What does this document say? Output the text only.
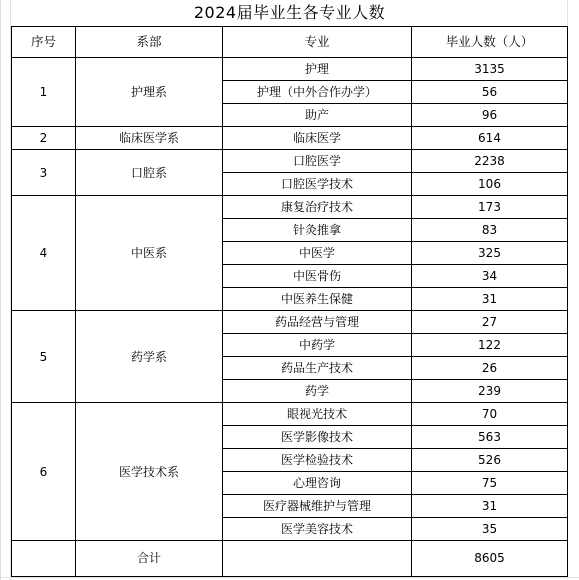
2024届毕业生各专业人数
序号	系部	专业	毕业人数（人）
1	护理系	护理	3135
		护理（中外合作办学）	56
		助产	96
2	临床医学系	临床医学	614
3	口腔系	口腔医学	2238
		口腔医学技术	106
4	中医系	康复治疗技术	173
		针灸推拿	83
		中医学	325
		中医骨伤	34
		中医养生保健	31
5	药学系	药品经营与管理	27
		中药学	122
		药品生产技术	26
		药学	239
6	医学技术系	眼视光技术	70
		医学影像技术	563
		医学检验技术	526
		心理咨询	75
		医疗器械维护与管理	31
		医学美容技术	35
	合计		8605
